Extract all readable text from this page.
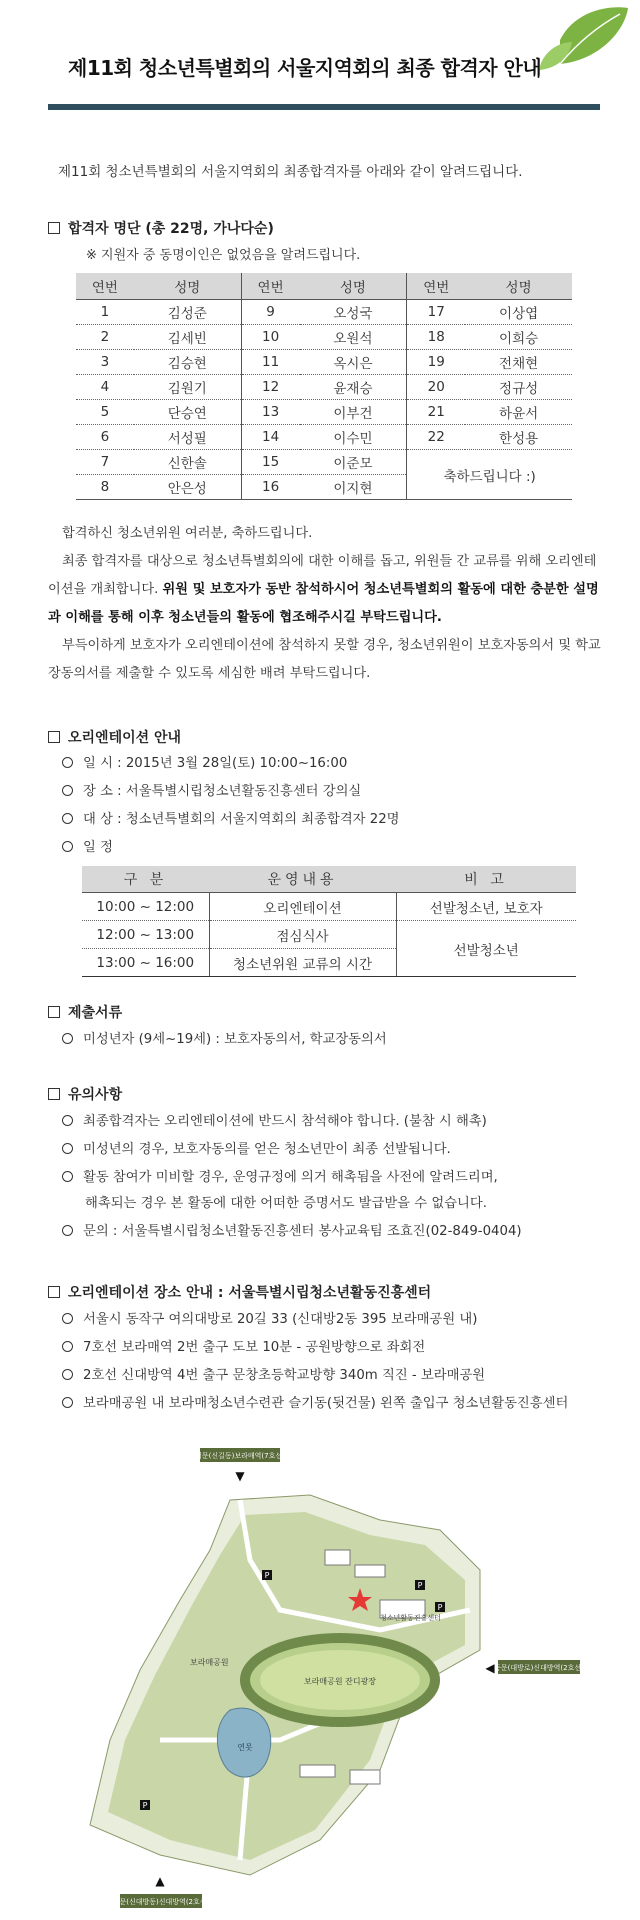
제11회 청소년특별회의 서울지역회의 최종 합격자 안내
제11회 청소년특별회의 서울지역회의 최종합격자를 아래와 같이 알려드립니다.
합격자 명단 (총 22명, 가나다순)
※ 지원자 중 동명이인은 없었음을 알려드립니다.
연번	성명	연번	성명	연번	성명
1	김성준	9	오성국	17	이상엽
2	김세빈	10	오원석	18	이희승
3	김승현	11	옥시은	19	전채현
4	김원기	12	윤재승	20	정규성
5	단승연	13	이부건	21	하윤서
6	서성필	14	이수민	22	한성용
7	신한솔	15	이준모	축하드립니다 :)	
8	안은성	16	이지현		
합격하신 청소년위원 여러분, 축하드립니다.
최종 합격자를 대상으로 청소년특별회의에 대한 이해를 돕고, 위원들 간 교류를 위해 오리엔테이션을 개최합니다. 위원 및 보호자가 동반 참석하시어 청소년특별회의 활동에 대한 충분한 설명과 이해를 통해 이후 청소년들의 활동에 협조해주시길 부탁드립니다.
부득이하게 보호자가 오리엔테이션에 참석하지 못할 경우, 청소년위원이 보호자동의서 및 학교장동의서를 제출할 수 있도록 세심한 배려 부탁드립니다.
오리엔테이션 안내
일 시 : 2015년 3월 28일(토) 10:00~16:00
장 소 : 서울특별시립청소년활동진흥센터 강의실
대 상 : 청소년특별회의 서울지역회의 최종합격자 22명
일 정
구 분	운영내용	비 고
10:00 ~ 12:00	오리엔테이션	선발청소년, 보호자
12:00 ~ 13:00	점심식사	선발청소년
13:00 ~ 16:00	청소년위원 교류의 시간	
제출서류
미성년자 (9세~19세) : 보호자동의서, 학교장동의서
유의사항
최종합격자는 오리엔테이션에 반드시 참석해야 합니다. (불참 시 해촉)
미성년의 경우, 보호자동의를 얻은 청소년만이 최종 선발됩니다.
활동 참여가 미비할 경우, 운영규정에 의거 해촉됨을 사전에 알려드리며,
해촉되는 경우 본 활동에 대한 어떠한 증명서도 발급받을 수 없습니다.
문의 : 서울특별시립청소년활동진흥센터 봉사교육팀 조효진(02-849-0404)
오리엔테이션 장소 안내 : 서울특별시립청소년활동진흥센터
서울시 동작구 여의대방로 20길 33 (신대방2동 395 보라매공원 내)
7호선 보라매역 2번 출구 도보 10분 - 공원방향으로 좌회전
2호선 신대방역 4번 출구 문창초등학교방향 340m 직진 - 보라매공원
보라매공원 내 보라매청소년수련관 슬기동(뒷건물) 왼쪽 출입구 청소년활동진흥센터
보라매공원 잔디광장
연못
청소년활동진흥센터
보라매공원
서문(신길동)보라매역(7호선)
▼
동문(대방로)신대방역(2호선)
◀
▲
남문(신대방동)신대방역(2호선)
P
P
P
P
